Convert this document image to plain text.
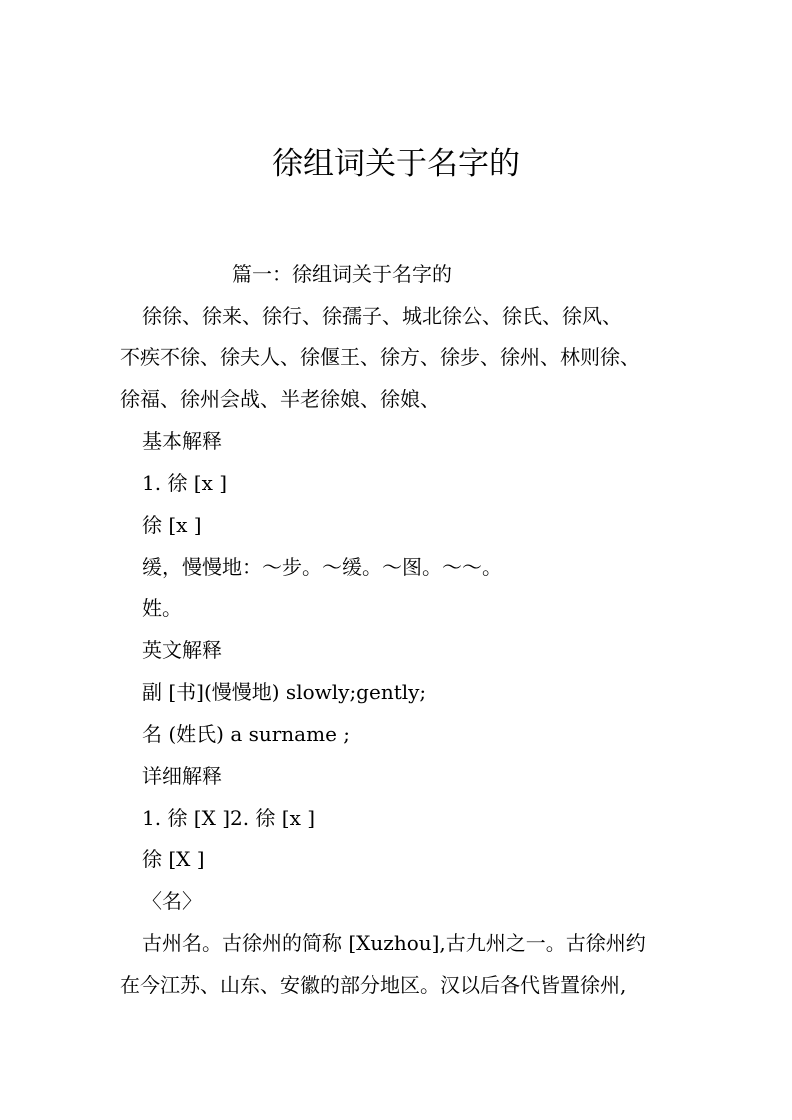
徐组词关于名字的

篇一：徐组词关于名字的

徐徐、徐来、徐行、徐孺子、城北徐公、徐氏、徐风、

不疾不徐、徐夫人、徐偃王、徐方、徐步、徐州、林则徐、

徐福、徐州会战、半老徐娘、徐娘、

基本解释

1. 徐 [x ]

徐 [x ]

缓，慢慢地：～步。～缓。～图。～～。

姓。

英文解释

副 [书](慢慢地) slowly;gently;

名 (姓氏) a surname ;

详细解释

1. 徐 [X ]2. 徐 [x ]

徐 [X ]

〈名〉

古州名。古徐州的简称 [Xuzhou],古九州之一。古徐州约

在今江苏、山东、安徽的部分地区。汉以后各代皆置徐州,
